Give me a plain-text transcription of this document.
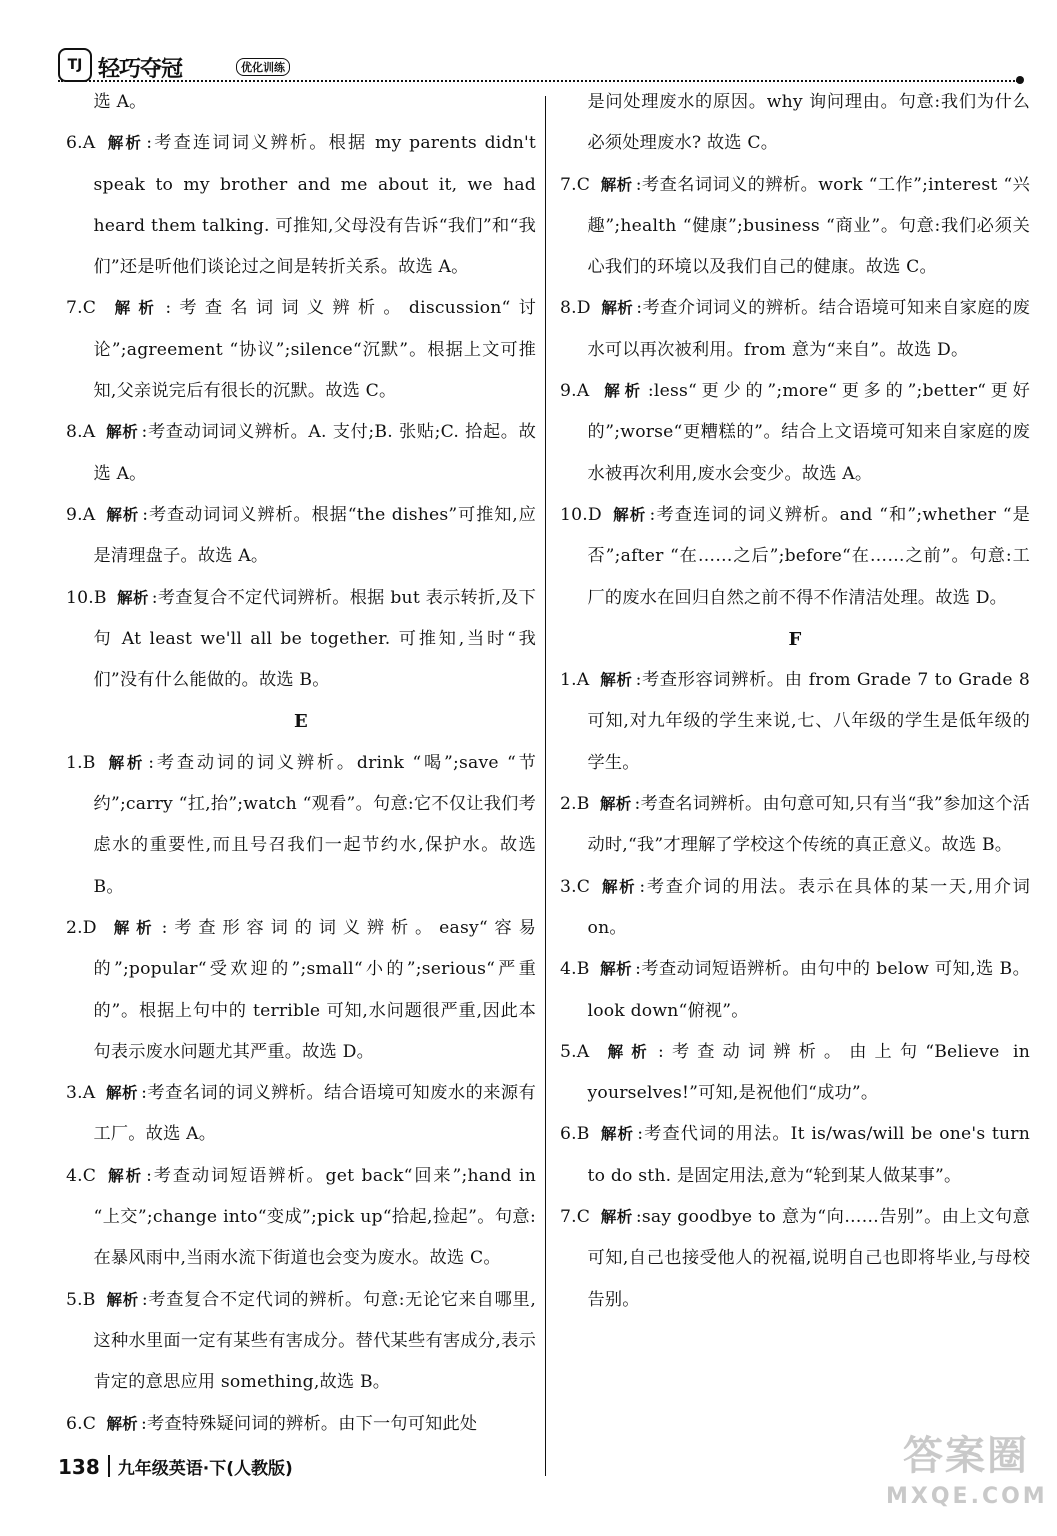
TJ 轻巧夺冠	优化训练

选 A。

6.A 解析 :考查连词词义辨析。根据 my parents didn't speak to my brother and me about it, we had heard them talking. 可推知,父母没有告诉“我们”和“我们”还是听他们谈论过之间是转折关系。故选 A。

7.C 解析 :考查名词词义辨析。discussion“讨论”;agreement “协议”;silence“沉默”。根据上文可推知,父亲说完后有很长的沉默。故选 C。

8.A 解析 :考查动词词义辨析。A. 支付;B. 张贴;C. 拾起。故选 A。

9.A 解析 :考查动词词义辨析。根据“the dishes”可推知,应是清理盘子。故选 A。

10.B 解析 :考查复合不定代词辨析。根据 but 表示转折,及下句 At least we'll all be together. 可推知,当时“我们”没有什么能做的。故选 B。

E

1.B 解析 :考查动词的词义辨析。drink “喝”;save “节约”;carry “扛,抬”;watch “观看”。句意:它不仅让我们考虑水的重要性,而且号召我们一起节约水,保护水。故选 B。

2.D 解析 :考查形容词的词义辨析。easy“容易的”;popular“受欢迎的”;small“小的”;serious“严重的”。根据上句中的 terrible 可知,水问题很严重,因此本句表示废水问题尤其严重。故选 D。

3.A 解析 :考查名词的词义辨析。结合语境可知废水的来源有工厂。故选 A。

4.C 解析 :考查动词短语辨析。get back“回来”;hand in “上交”;change into“变成”;pick up“拾起,捡起”。句意:在暴风雨中,当雨水流下街道也会变为废水。故选 C。

5.B 解析 :考查复合不定代词的辨析。句意:无论它来自哪里,这种水里面一定有某些有害成分。替代某些有害成分,表示肯定的意思应用 something,故选 B。

6.C 解析 :考查特殊疑问词的辨析。由下一句可知此处

是问处理废水的原因。why 询问理由。句意:我们为什么必须处理废水? 故选 C。

7.C 解析 :考查名词词义的辨析。work “工作”;interest “兴趣”;health “健康”;business “商业”。句意:我们必须关心我们的环境以及我们自己的健康。故选 C。

8.D 解析 :考查介词词义的辨析。结合语境可知来自家庭的废水可以再次被利用。from 意为“来自”。故选 D。

9.A 解析 :less“更少的”;more“更多的”;better“更好的”;worse“更糟糕的”。结合上文语境可知来自家庭的废水被再次利用,废水会变少。故选 A。

10.D 解析 :考查连词的词义辨析。and “和”;whether “是否”;after “在……之后”;before“在……之前”。句意:工厂的废水在回归自然之前不得不作清洁处理。故选 D。

F

1.A 解析 :考查形容词辨析。由 from Grade 7 to Grade 8 可知,对九年级的学生来说,七、八年级的学生是低年级的学生。

2.B 解析 :考查名词辨析。由句意可知,只有当“我”参加这个活动时,“我”才理解了学校这个传统的真正意义。故选 B。

3.C 解析 :考查介词的用法。表示在具体的某一天,用介词 on。

4.B 解析 :考查动词短语辨析。由句中的 below 可知,选 B。look down“俯视”。

5.A 解析 :考查动词辨析。由上句“Believe in yourselves!”可知,是祝他们“成功”。

6.B 解析 :考查代词的用法。It is/was/will be one's turn to do sth. 是固定用法,意为“轮到某人做某事”。

7.C 解析 :say goodbye to 意为“向……告别”。由上文句意可知,自己也接受他人的祝福,说明自己也即将毕业,与母校告别。

138 九年级英语·下(人教版)	答案圈
MXQE.COM
